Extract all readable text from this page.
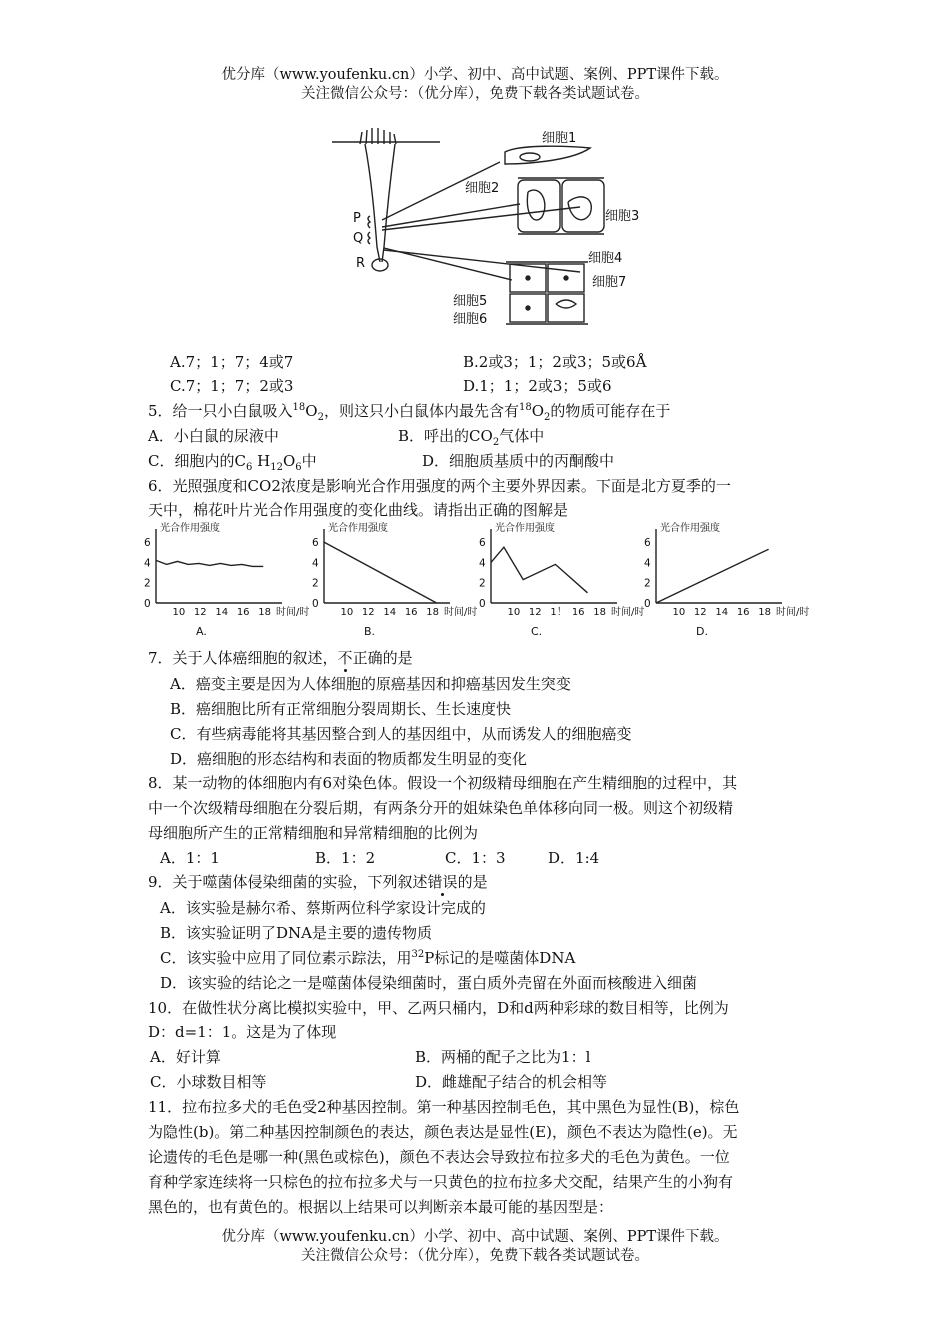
优分库（www.youfenku.cn）小学、初中、高中试题、案例、PPT课件下载。
关注微信公众号：（优分库），免费下载各类试题试卷。
细胞1
细胞2
细胞3
细胞4
细胞7
细胞5
细胞6
P
Q
R
A.7；1；7；4或7	B.2或3；1；2或3；5或6Å
C.7；1；7；2或3	D.1；1；2或3；5或6
5．给一只小白鼠吸入$^{18}O_2$，则这只小白鼠体内最先含有$^{18}O_2$的物质可能存在于
A．小白鼠的尿液中	B．呼出的$CO_2$气体中
C．细胞内的$C_6$ $H_{12}O_6$中	D．细胞质基质中的丙酮酸中
6．光照强度和CO2浓度是影响光合作用强度的两个主要外界因素。下面是北方夏季的一
天中，棉花叶片光合作用强度的变化曲线。请指出正确的图解是
光合作用强度
时间/时
0
2
4
6
10 12 14 16 18
A.
光合作用强度
时间/时
0
2
4
6
10 12 14 16 18
B.
光合作用强度
时间/时
0
2
4
6
10 12 1！ 16 18
C.
光合作用强度
时间/时
0
2
4
6
10 12 14 16 18
D.
7．关于人体癌细胞的叙述，不正确的是
A．癌变主要是因为人体细胞的原癌基因和抑癌基因发生突变
B．癌细胞比所有正常细胞分裂周期长、生长速度快
C．有些病毒能将其基因整合到人的基因组中，从而诱发人的细胞癌变
D．癌细胞的形态结构和表面的物质都发生明显的变化
8．某一动物的体细胞内有6对染色体。假设一个初级精母细胞在产生精细胞的过程中，其
中一个次级精母细胞在分裂后期，有两条分开的姐妹染色单体移向同一极。则这个初级精
母细胞所产生的正常精细胞和异常精细胞的比例为
A．1：1	B．1：2	C．1：3	D．1:4
9．关于噬菌体侵染细菌的实验，下列叙述错误的是
A．该实验是赫尔希、蔡斯两位科学家设计完成的
B．该实验证明了DNA是主要的遗传物质
C．该实验中应用了同位素示踪法，用$^{32}$P标记的是噬菌体DNA
D．该实验的结论之一是噬菌体侵染细菌时，蛋白质外壳留在外面而核酸进入细菌
10．在做性状分离比模拟实验中，甲、乙两只桶内，D和d两种彩球的数目相等，比例为
D：d=1：1。这是为了体现
A．好计算	B．两桶的配子之比为1：l
C．小球数目相等	D．雌雄配子结合的机会相等
11．拉布拉多犬的毛色受2种基因控制。第一种基因控制毛色，其中黑色为显性(B)，棕色
为隐性(b)。第二种基因控制颜色的表达，颜色表达是显性(E)，颜色不表达为隐性(e)。无
论遗传的毛色是哪一种(黑色或棕色)，颜色不表达会导致拉布拉多犬的毛色为黄色。一位
育种学家连续将一只棕色的拉布拉多犬与一只黄色的拉布拉多犬交配，结果产生的小狗有
黑色的，也有黄色的。根据以上结果可以判断亲本最可能的基因型是：
优分库（www.youfenku.cn）小学、初中、高中试题、案例、PPT课件下载。
关注微信公众号：（优分库），免费下载各类试题试卷。
